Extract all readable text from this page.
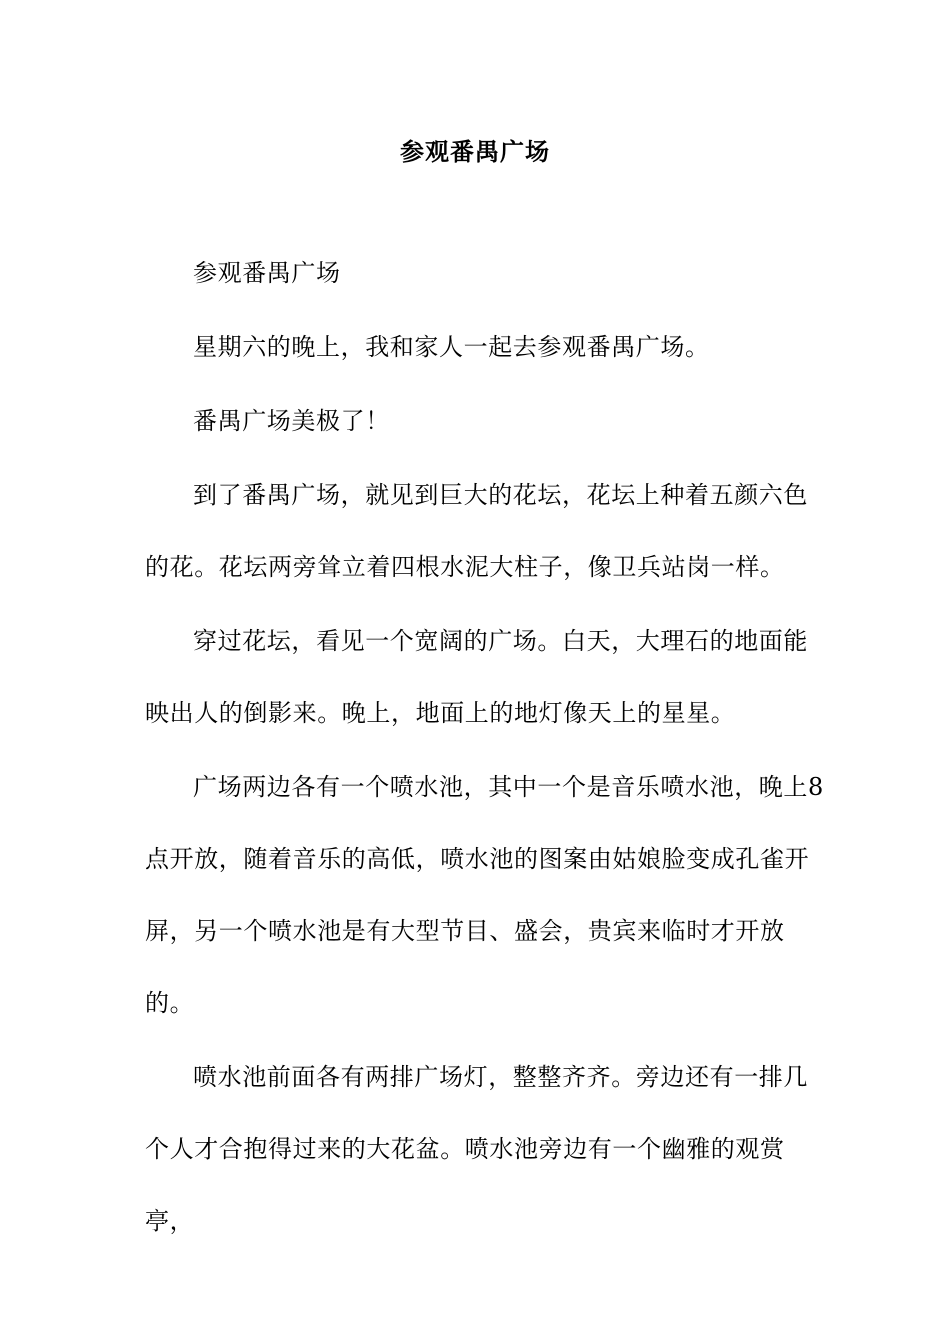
参观番禺广场

参观番禺广场

星期六的晚上，我和家人一起去参观番禺广场。

番禺广场美极了！

到了番禺广场，就见到巨大的花坛，花坛上种着五颜六色的花。花坛两旁耸立着四根水泥大柱子，像卫兵站岗一样。

穿过花坛，看见一个宽阔的广场。白天，大理石的地面能映出人的倒影来。晚上，地面上的地灯像天上的星星。

广场两边各有一个喷水池，其中一个是音乐喷水池，晚上8点开放，随着音乐的高低，喷水池的图案由姑娘脸变成孔雀开屏，另一个喷水池是有大型节目、盛会，贵宾来临时才开放的。

喷水池前面各有两排广场灯，整整齐齐。旁边还有一排几个人才合抱得过来的大花盆。喷水池旁边有一个幽雅的观赏亭，
